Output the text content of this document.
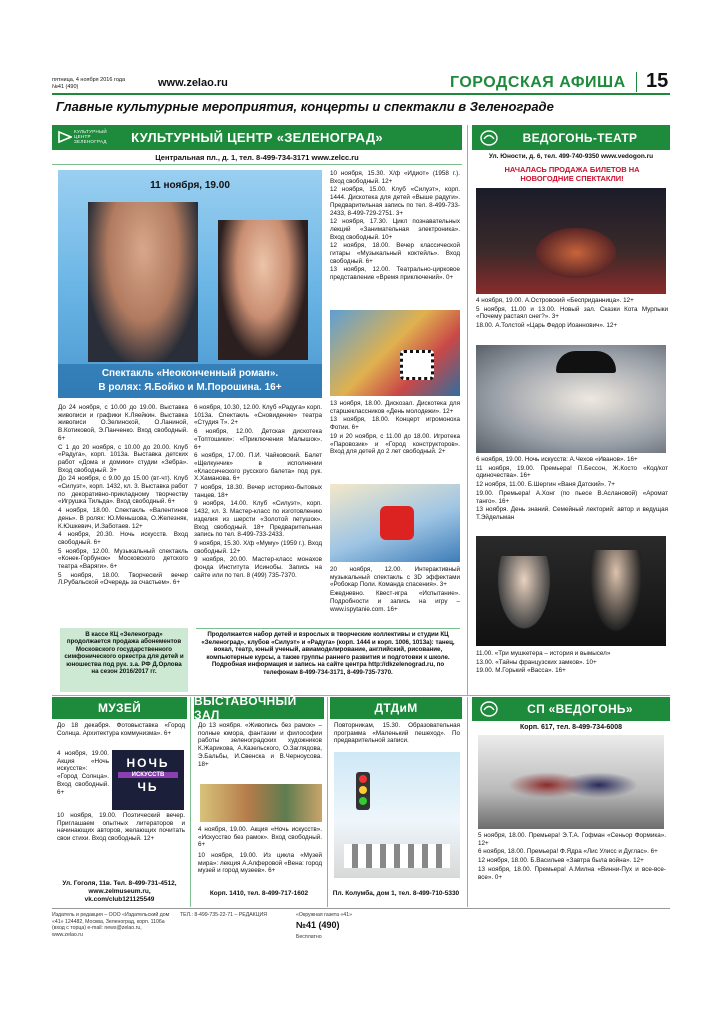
пятница, 4 ноября 2016 года
№41 (490)	www.zelao.ru	ГОРОДСКАЯ АФИША 15
Главные культурные мероприятия, концерты и спектакли в Зеленограде
КУЛЬТУРНЫЙ ЦЕНТР ЗЕЛЕНОГРАД	КУЛЬТУРНЫЙ ЦЕНТР «ЗЕЛЕНОГРАД»
Центральная пл., д. 1, тел. 8-499-734-3171 www.zelcc.ru
11 ноября, 19.00
Спектакль «Неоконченный роман».
В ролях: Я.Бойко и М.Порошина. 16+

До 24 ноября, с 10.00 до 19.00. Выставка живописи и графики К.Ляейкин. Выставка живописи О.Зелинской, О.Ланиной, В.Котиковой, Э.Панченко. Вход свободный. 6+

С 1 до 20 ноября, с 10.00 до 20.00. Клуб «Радуга», корп. 1013а. Выставка детских работ «Дома и домики» студии «Зебра». Вход свободный. 3+

До 24 ноября, с 9.00 до 15.00 (вт-чт). Клуб «Силуэт», корп. 1432, кл. 3. Выставка работ по декоративно-прикладному творчеству «Игрушка Тильда». Вход свободный. 6+

4 ноября, 18.00. Спектакль «Валентинов день». В ролях: Ю.Меньшова, О.Железняк, К.Юшкевич, И.Заботаев. 12+

4 ноября, 20.30. Ночь искусств. Вход свободный. 6+

5 ноября, 12.00. Музыкальный спектакль «Конек-Горбунок» Московского детского театра «Варяги». 6+

5 ноября, 18.00. Творческий вечер Л.Рубальской «Очередь за счастьем». 6+

6 ноября, 10.30, 12.00. Клуб «Радуга» корп. 1013а. Спектакль «Сновидение» театра «Студия Т». 2+

6 ноября, 12.00. Детская дискотека «Топтошики»: «Приключения Малышок». 6+

6 ноября, 17.00. П.И. Чайковский. Балет «Щелкунчик» в исполнении «Классического русского балета» под рук. Х.Хаманова. 6+

7 ноября, 18.30. Вечер историко-бытовых танцев. 18+

9 ноября, 14.00. Клуб «Силуэт», корп. 1432, кл. 3. Мастер-класс по изготовлению изделия из шерсти «Золотой петушок». Вход свободный. 18+ Предварительная запись по тел. 8-499-733-2433.

9 ноября, 15.30. Х/ф «Муму» (1959 г.). Вход свободный. 12+

9 ноября, 20.00. Мастер-класс монахов фонда Института Исинобы. Запись на сайте или по тел. 8 (499) 735-7370.

В кассе КЦ «Зеленоград» продолжается продажа абонементов Московского государственного симфонического оркестра для детей и юношества под рук. з.а. РФ Д.Орлова на сезон 2016/2017 гг.

10 ноября, 15.30. Х/ф «Идиот» (1958 г.). Вход свободный. 12+

12 ноября, 15.00. Клуб «Силуэт», корп. 1444. Дискотека для детей «Выше радуги». Предварительная запись по тел. 8-499-733-2433, 8-499-729-2751. 3+

12 ноября, 17.30. Цикл познавательных лекций «Занимательная электроника». Вход свободный. 10+

12 ноября, 18.00. Вечер классической гитары «Музыкальный коктейль». Вход свободный. 6+

13 ноября, 12.00. Театрально-цирковое представление «Время приключений». 0+

13 ноября, 18.00. Дискозал. Дискотека для старшеклассников «День молодежи». 12+

13 ноября, 18.00. Концерт игромоноха Фотии. 6+

19 и 20 ноября, с 11.00 до 18.00. Игротека «Паровозик» и «Город конструкторов». Вход для детей до 2 лет свободный. 2+

20 ноября, 12.00. Интерактивный музыкальный спектакль с 3D эффектами «Робокар Поли. Команда спасения». 3+

Ежедневно. Квест-игра «Испытание». Подробности и запись на игру – www.ispytanie.com. 16+

Продолжается набор детей и взрослых в творческие коллективы и студии КЦ «Зеленоград», клубов «Силуэт» и «Радуга» (корп. 1444 и корп. 1006, 1013а): танец, вокал, театр, юный ученый, авиамоделирование, английский, рисование, компьютерные курсы, а также группы раннего развития и подготовки к школе. Подробная информация и запись на сайте центра http://dkzelenograd.ru, по телефонам 8-499-734-3171, 8-499-735-7370.
ВЕДОГОНЬ-ТЕАТР
Ул. Юности, д. 6, тел. 499-740-9350 www.vedogon.ru
НАЧАЛАСЬ ПРОДАЖА БИЛЕТОВ НА НОВОГОДНИЕ СПЕКТАКЛИ!

4 ноября, 19.00. А.Островский «Бесприданница». 12+

5 ноября, 11.00 и 13.00. Новый зал. Сказки Кота Мурлыки «Почему растаял снег?». 3+

18.00. А.Толстой «Царь Федор Иоаннович». 12+

6 ноября, 19.00. Ночь искусств: А.Чехов «Иванов». 16+

11 ноября, 19.00. Премьера! П.Бессон, Ж.Косто «Код/кот одиночества». 16+

12 ноября, 11.00. Б.Шергин «Ваня Датский». 7+

19.00. Премьера! А.Хонг (по пьесе В.Аслановой) «Аромат танго». 16+

13 ноября. День знаний. Семейный лекторий: автор и ведущая Т.Эйдельман

11.00. «Три мушкетера – история и вымысел»

13.00. «Тайны французских замков». 10+

19.00. М.Горький «Васса». 16+

МУЗЕЙ
До 18 декабря. Фотовыставка «Город Солнца. Архитектура коммунизма». 6+
4 ноября, 19.00. Акция «Ночь искусств»: «Город Солнца». Вход свободный. 6+
НОЧЬ
ИСКУССТВ
ЧЬ
10 ноября, 19.00. Поэтический вечер. Приглашаем опытных литераторов и начинающих авторов, желающих почитать свои стихи. Вход свободный. 12+
Ул. Гоголя, 11в. Тел. 8-499-731-4512,
www.zelmuseum.ru,
vk.com/club121125549
ВЫСТАВОЧНЫЙ ЗАЛ
До 13 ноября. «Живопись без рамок» – полные юмора, фантазии и философии работы зеленоградских художников К.Жарикова, А.Казельского, О.Заглядова, Э.Бальбы, И.Свенска и В.Черноусова. 18+
4 ноября, 19.00. Акция «Ночь искусств». «Искусство без рамок». Вход свободный. 6+
10 ноября, 19.00. Из цикла «Музей мира»: лекция А.Алферовой «Вена: город музей и город музеев». 6+
Корп. 1410, тел. 8-499-717-1602
ДТДиМ
Повторникам, 15.30. Образовательная программа «Маленький пешеход». По предварительной записи.
Пл. Колумба, дом 1, тел. 8-499-710-5330
СП «ВЕДОГОНЬ»
Корп. 617, тел. 8-499-734-6008

5 ноября, 18.00. Премьера! Э.Т.А. Гофман «Сеньор Формика». 12+

6 ноября, 18.00. Премьера! Ф.Ядра «Лис Улисс и Дуглас». 6+

12 ноября, 18.00. Б.Васильев «Завтра была война». 12+

13 ноября, 18.00. Премьера! А.Милна «Винни-Пух и все-все-все». 0+

Издатель и редакция – ООО «Издательский дом «41» 124482, Москва, Зеленоград, корп. 1106а (вход с торца) e-mail: news@zelao.ru, www.zelao.ru
ТЕЛ.: 8-499-735-22-71 – РЕДАКЦИЯ	«Окружная газета «41»
№41 (490)
Бесплатно
